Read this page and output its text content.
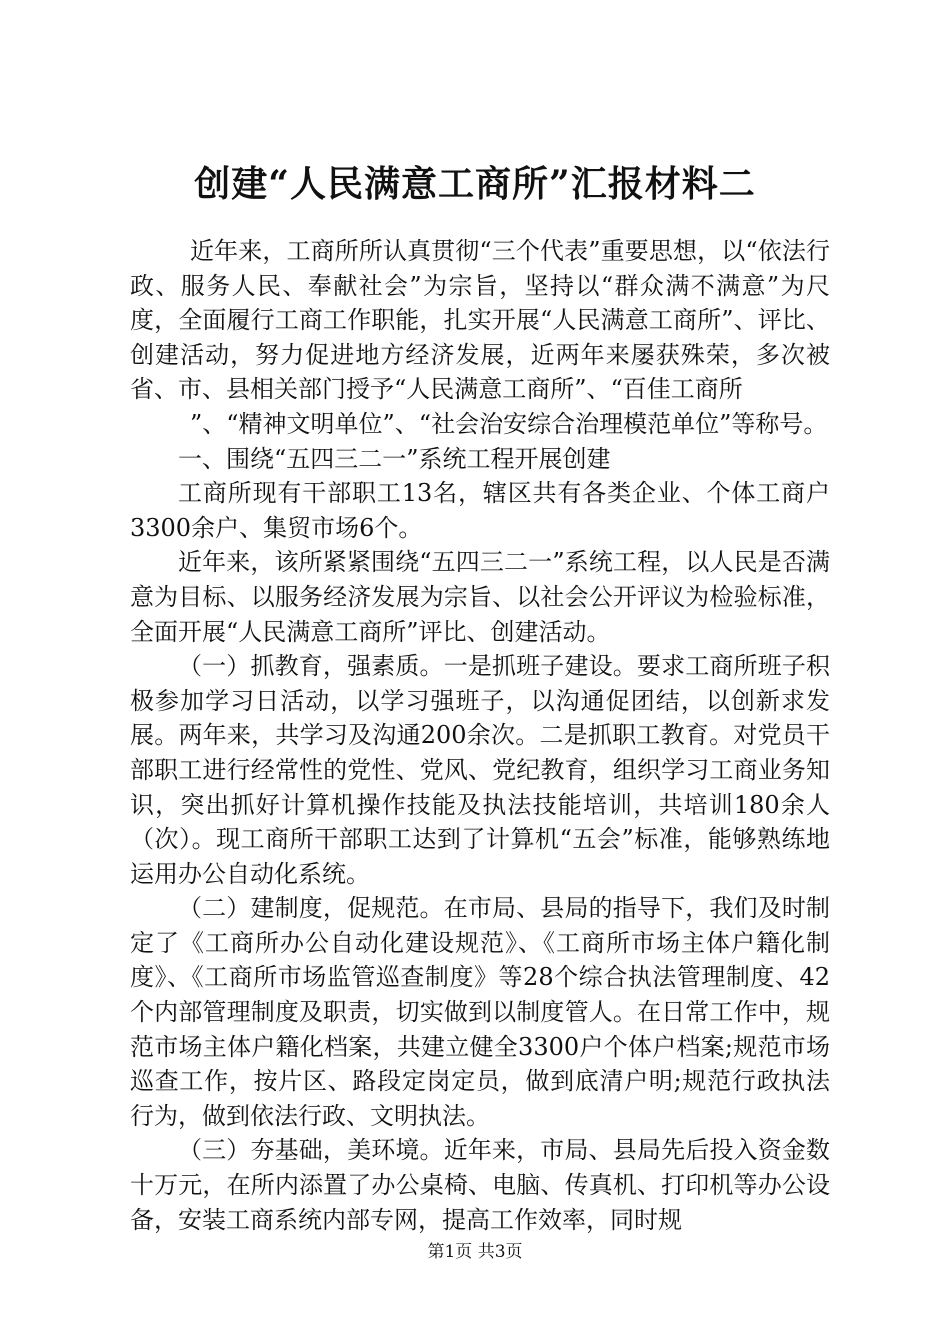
创建“人民满意工商所”汇报材料二

近年来，工商所所认真贯彻“三个代表”重要思想，以“依法行政、服务人民、奉献社会”为宗旨，坚持以“群众满不满意”为尺度，全面履行工商工作职能，扎实开展“人民满意工商所”、评比、创建活动，努力促进地方经济发展，近两年来屡获殊荣，多次被省、市、县相关部门授予“人民满意工商所”、“百佳工商所

”、“精神文明单位”、“社会治安综合治理模范单位”等称号。

一、围绕“五四三二一”系统工程开展创建

工商所现有干部职工13名，辖区共有各类企业、个体工商户3300余户、集贸市场6个。

近年来，该所紧紧围绕“五四三二一”系统工程，以人民是否满意为目标、以服务经济发展为宗旨、以社会公开评议为检验标准，全面开展“人民满意工商所”评比、创建活动。

（一）抓教育，强素质。一是抓班子建设。要求工商所班子积极参加学习日活动，以学习强班子，以沟通促团结，以创新求发展。两年来，共学习及沟通200余次。二是抓职工教育。对党员干部职工进行经常性的党性、党风、党纪教育，组织学习工商业务知识，突出抓好计算机操作技能及执法技能培训，共培训180余人（次）。现工商所干部职工达到了计算机“五会”标准，能够熟练地运用办公自动化系统。

（二）建制度，促规范。在市局、县局的指导下，我们及时制定了《工商所办公自动化建设规范》、《工商所市场主体户籍化制度》、《工商所市场监管巡查制度》等28个综合执法管理制度、42个内部管理制度及职责，切实做到以制度管人。在日常工作中，规范市场主体户籍化档案，共建立健全3300户个体户档案;规范市场巡查工作，按片区、路段定岗定员，做到底清户明;规范行政执法行为，做到依法行政、文明执法。

（三）夯基础，美环境。近年来，市局、县局先后投入资金数十万元，在所内添置了办公桌椅、电脑、传真机、打印机等办公设备，安装工商系统内部专网，提高工作效率，同时规

第1页 共3页
